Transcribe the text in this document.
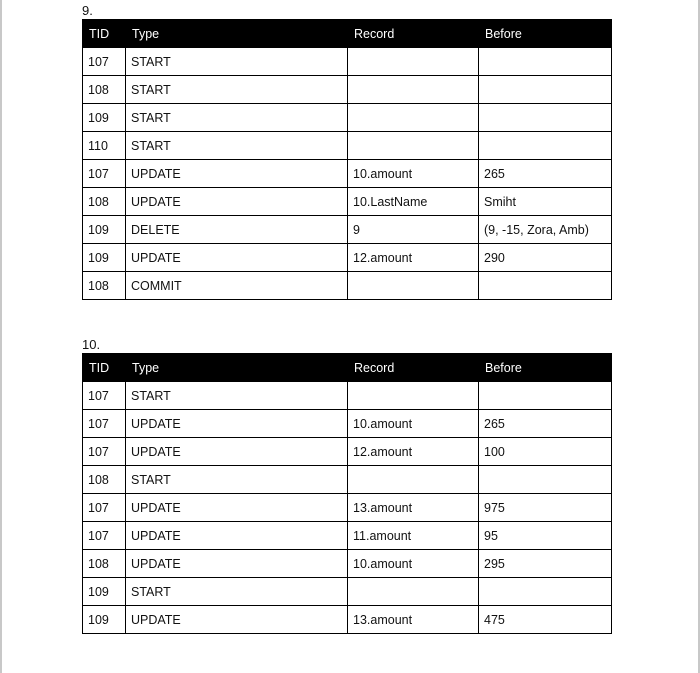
9.
TID	Type	Record	Before
107	START		
108	START		
109	START		
110	START		
107	UPDATE	10.amount	265
108	UPDATE	10.LastName	Smiht
109	DELETE	9	(9, -15, Zora, Amb)
109	UPDATE	12.amount	290
108	COMMIT		
10.
TID	Type	Record	Before
107	START		
107	UPDATE	10.amount	265
107	UPDATE	12.amount	100
108	START		
107	UPDATE	13.amount	975
107	UPDATE	11.amount	95
108	UPDATE	10.amount	295
109	START		
109	UPDATE	13.amount	475
